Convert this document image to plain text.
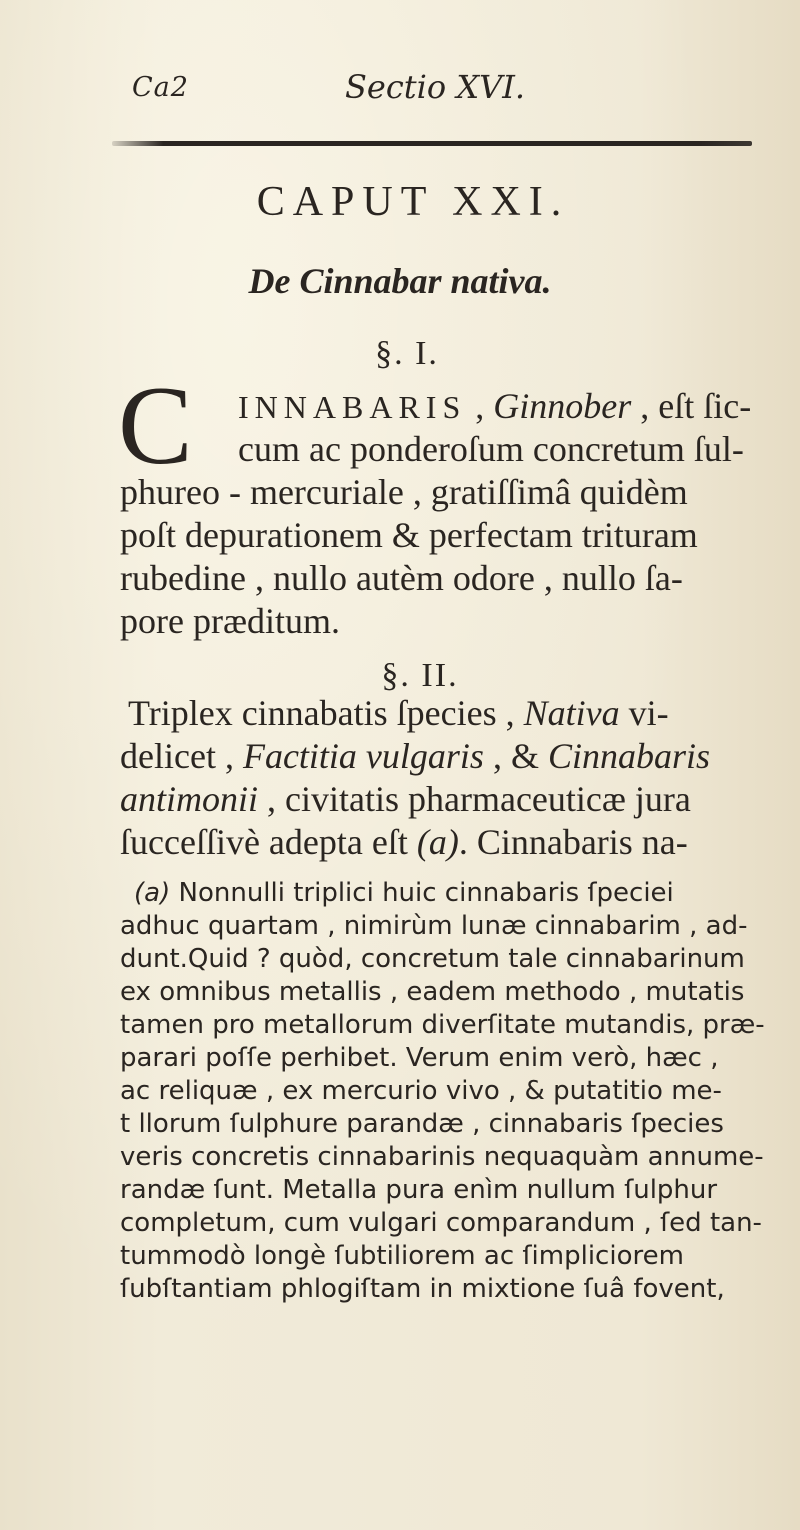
Ca2	Sectio XVI.
CAPUT XXI.
De Cinnabar nativa.
§. I.
C	INNABARIS , Ginnober , eſt ſic-
cum ac ponderoſum concretum ſul-
phureo - mercuriale , gratiſſimâ quidèm
poſt depurationem & perfectam trituram
rubedine , nullo autèm odore , nullo ſa-
pore præditum.
§. II.
Triplex cinnabatis ſpecies , Nativa vi-
delicet , Factitia vulgaris , & Cinnabaris
antimonii , civitatis pharmaceuticæ jura
ſucceſſivè adepta eſt (a). Cinnabaris na-
(a) Nonnulli triplici huic cinnabaris ſpeciei
adhuc quartam , nimirùm lunæ cinnabarim , ad-
dunt.Quid ? quòd, concretum tale cinnabarinum
ex omnibus metallis , eadem methodo , mutatis
tamen pro metallorum diverſitate mutandis, præ-
parari poſſe perhibet. Verum enim verò, hæc ,
ac reliquæ , ex mercurio vivo , & putatitio me-
t llorum ſulphure parandæ , cinnabaris ſpecies
veris concretis cinnabarinis nequaquàm annume-
randæ ſunt. Metalla pura enìm nullum ſulphur
completum, cum vulgari comparandum , ſed tan-
tummodò longè ſubtiliorem ac ſimpliciorem
ſubſtantiam phlogiſtam in mixtione ſuâ fovent,
